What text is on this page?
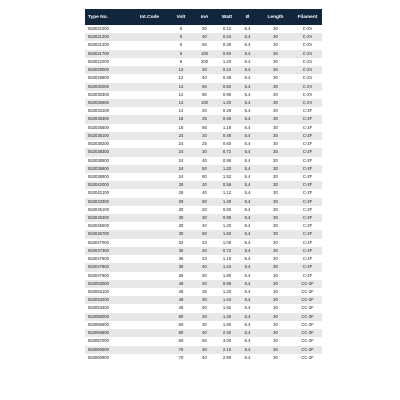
Type No.	Int.Code	Volt	mA	Watt	Ø	Length	Filament	
553021000		6	20	0.12	5.4	30	C-2V	
553021200		6	40	0.24	5.4	30	C-2V	
553021400		6	50	0.30	5.4	30	C-2V	
553021700		6	100	0.60	5.4	30	C-2V	
553022200		6	200	1.20	5.4	30	C-2V	
553029000		12	20	0.24	5.4	30	C-2V	
553029600		12	40	0.48	5.4	30	C-2V	
553030000		12	50	0.60	5.4	30	C-2V	
553030300		12	80	0.96	5.4	30	C-2V	
553030600		12	100	1.20	5.4	30	C-2V	
553033100		14	20	0.28	5.4	30	C-2F	
553035300		18	25	0.45	5.4	30	C-2F	
553035600		18	66	1.19	5.4	30	C-2F	
553038100		24	20	0.48	5.4	30	C-2F	
553038200		24	25	0.60	5.4	30	C-2F	
553038300		24	30	0.72	5.4	30	C-2F	
553038500		24	40	0.96	5.4	30	C-2F	
553038600		24	50	1.20	5.4	30	C-2F	
553038900		24	80	1.92	5.4	30	C-2F	
553042000		28	20	0.56	5.4	30	C-2F	
553042100		28	40	1.12	5.4	30	C-2F	
553043300		28	50	1.40	5.4	30	C-2F	
553045100		30	20	0.60	5.4	30	C-2F	
553045300		30	30	0.90	5.4	30	C-2F	
553045500		30	40	1.20	5.4	30	C-2F	
553045700		30	50	1.50	5.4	30	C-2F	
553047000		32	33	1.06	5.4	30	C-2F	
553047300		36	20	0.72	5.4	30	C-2F	
553047600		36	33	1.19	5.4	30	C-2F	
553047800		36	40	1.44	5.4	30	C-2F	
553047900		36	50	1.80	5.4	30	C-2F	
553053000		48	20	0.96	5.4	30	CC-2F	
553053100		48	25	1.20	5.4	30	CC-2F	
553053200		48	30	1.44	5.4	30	CC-2F	
553053400		48	40	1.92	5.4	30	CC-2F	
553056000		60	20	1.20	5.4	30	CC-2F	
553056600		60	30	1.80	5.4	30	CC-2F	
553056800		60	40	2.40	5.4	30	CC-2F	
553057000		60	50	3.00	5.4	30	CC-2F	
553060500		70	30	2.10	5.4	30	CC-2F	
553060900		70	40	2.80	5.4	30	CC-2F	
